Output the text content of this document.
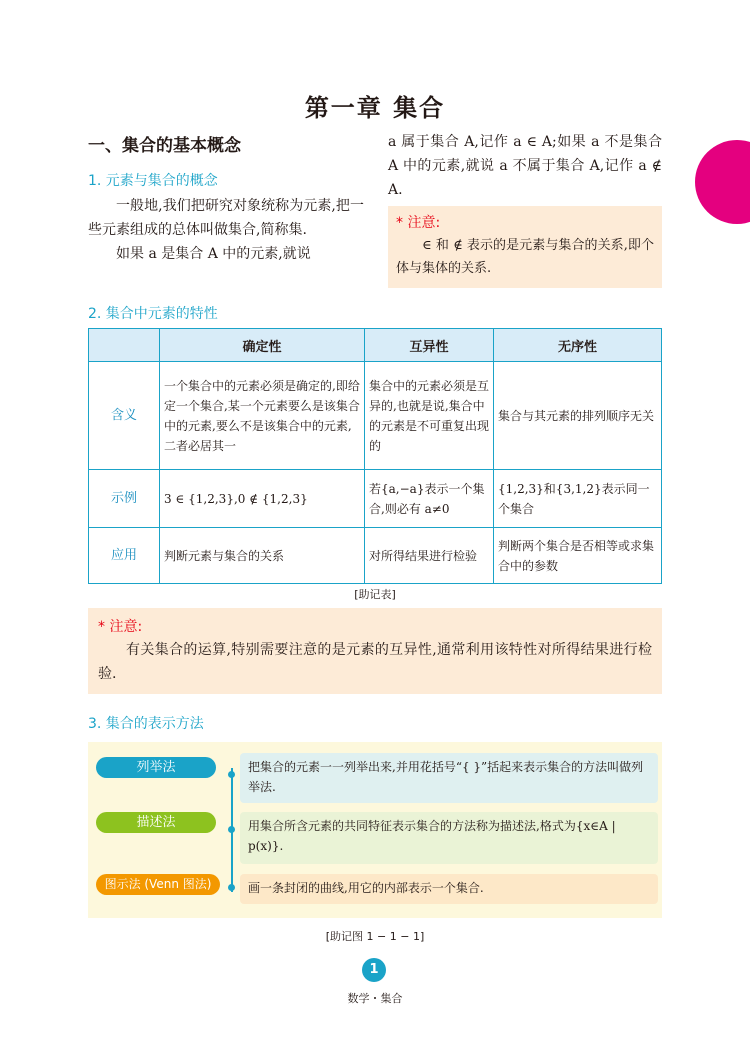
第一章 集合
一、集合的基本概念
1. 元素与集合的概念

一般地,我们把研究对象统称为元素,把一些元素组成的总体叫做集合,简称集.

如果 a 是集合 A 中的元素,就说

a 属于集合 A,记作 a ∈ A;如果 a 不是集合 A 中的元素,就说 a 不属于集合 A,记作 a ∉ A.

* 注意:

∈ 和 ∉ 表示的是元素与集合的关系,即个体与集体的关系.

2. 集合中元素的特性
	确定性	互异性	无序性
含义	一个集合中的元素必须是确定的,即给定一个集合,某一个元素要么是该集合中的元素,要么不是该集合中的元素,二者必居其一	集合中的元素必须是互异的,也就是说,集合中的元素是不可重复出现的	集合与其元素的排列顺序无关
示例	3 ∈ {1,2,3},0 ∉ {1,2,3}	若{a,−a}表示一个集合,则必有 a≠0	{1,2,3}和{3,1,2}表示同一个集合
应用	判断元素与集合的关系	对所得结果进行检验	判断两个集合是否相等或求集合中的参数
[助记表]
* 注意:

有关集合的运算,特别需要注意的是元素的互异性,通常利用该特性对所得结果进行检验.

3. 集合的表示方法
列举法	把集合的元素一一列举出来,并用花括号“{ }”括起来表示集合的方法叫做列举法.
描述法	用集合所含元素的共同特征表示集合的方法称为描述法,格式为{x∈A | p(x)}.
图示法 (Venn 图法)	画一条封闭的曲线,用它的内部表示一个集合.
[助记图 1 − 1 − 1]
1
数学・集合
